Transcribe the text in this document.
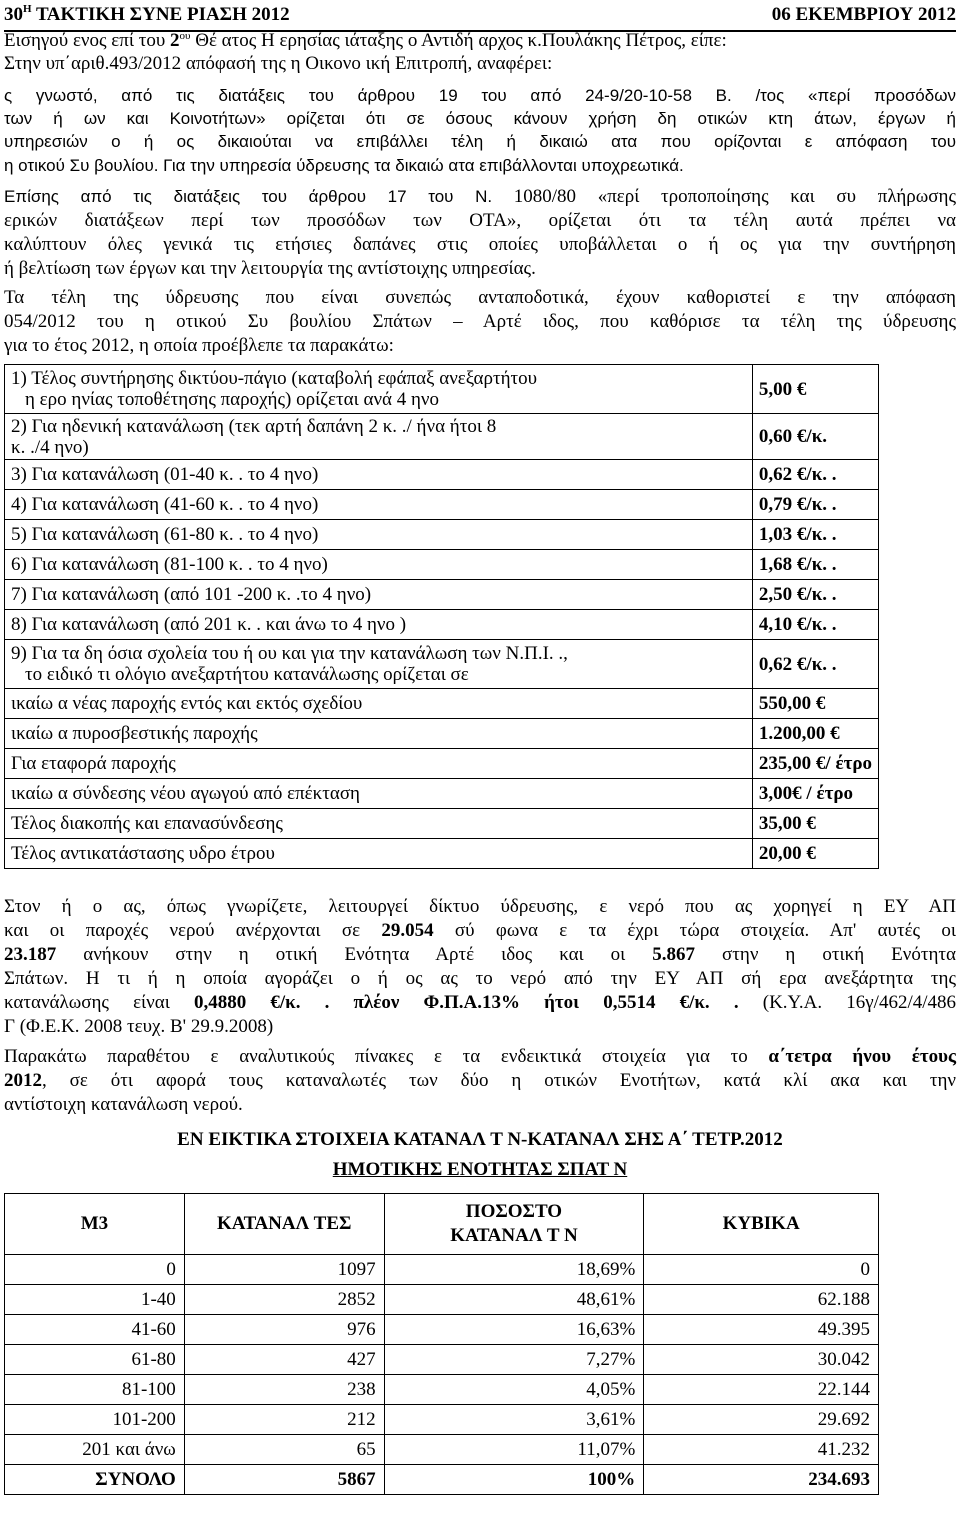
$30^H$ ΤΑΚΤΙΚΗ ΣΥΝΕ ΡΙΑΣΗ 2012	06 ΕΚΕΜΒΡΙΟΥ 2012
Εισηγού ενος επί του $2^{o\upsilon}$ Θέ ατος Η ερησίας ιάταξης ο Αντιδή αρχος κ.Πουλάκης Πέτρος, είπε:
Στην υπ΄αριθ.493/2012 απόφασή της η Οικονο ική Επιτροπή, αναφέρει:
ς γνωστό, από τις διατάξεις του άρθρου 19 του από 24-9/20-10-58 Β. /τος «περί προσόδων
των ή ων και Κοινοτήτων» ορίζεται ότι σε όσους κάνουν χρήση δη οτικών κτη άτων, έργων ή
υπηρεσιών ο ή ος δικαιούται να επιβάλλει τέλη ή δικαιώ ατα που ορίζονται ε απόφαση του
η οτικού Συ βουλίου. Για την υπηρεσία ύδρευσης τα δικαιώ ατα επιβάλλονται υποχρεωτικά.
Επίσης από τις διατάξεις του άρθρου 17 του Ν. 1080/80 «περί τροποποίησης και συ πλήρωσης
ερικών διατάξεων περί των προσόδων των ΟΤΑ», ορίζεται ότι τα τέλη αυτά πρέπει να
καλύπτουν όλες γενικά τις ετήσιες δαπάνες στις οποίες υποβάλλεται ο ή ος για την συντήρηση
ή βελτίωση των έργων και την λειτουργία της αντίστοιχης υπηρεσίας.
Τα τέλη της ύδρευσης που είναι συνεπώς ανταποδοτικά, έχουν καθοριστεί ε την απόφαση
054/2012 του η οτικού Συ βουλίου Σπάτων – Αρτέ ιδος, που καθόρισε τα τέλη της ύδρευσης
για το έτος 2012, η οποία προέβλεπε τα παρακάτω:
1) Τέλος συντήρησης δικτύου-πάγιο (καταβολή εφάπαξ ανεξαρτήτου
η ερο ηνίας τοποθέτησης παροχής) ορίζεται ανά 4 ηνο	5,00 €
2) Για ηδενική κατανάλωση (τεκ αρτή δαπάνη 2 κ. ./ ήνα ήτοι 8
κ. ./4 ηνο)	0,60 €/κ.
3) Για κατανάλωση (01-40 κ. . το 4 ηνο)	0,62 €/κ. .
4) Για κατανάλωση (41-60 κ. . το 4 ηνο)	0,79 €/κ. .
5) Για κατανάλωση (61-80 κ. . το 4 ηνο)	1,03 €/κ. .
6) Για κατανάλωση (81-100 κ. . το 4 ηνο)	1,68 €/κ. .
7) Για κατανάλωση (από 101 -200 κ. .το 4 ηνο)	2,50 €/κ. .
8) Για κατανάλωση (από 201 κ. . και άνω το 4 ηνο )	4,10 €/κ. .
9) Για τα δη όσια σχολεία του ή ου και για την κατανάλωση των Ν.Π.Ι. .,
το ειδικό τι ολόγιο ανεξαρτήτου κατανάλωσης ορίζεται σε	0,62 €/κ. .
ικαίω α νέας παροχής εντός και εκτός σχεδίου	550,00 €
ικαίω α πυροσβεστικής παροχής	1.200,00 €
Για εταφορά παροχής	235,00 €/ έτρο
ικαίω α σύνδεσης νέου αγωγού από επέκταση	3,00€ / έτρο
Τέλος διακοπής και επανασύνδεσης	35,00 €
Τέλος αντικατάστασης υδρο έτρου	20,00 €
Στον ή ο ας, όπως γνωρίζετε, λειτουργεί δίκτυο ύδρευσης, ε νερό που ας χορηγεί η ΕΥ ΑΠ
και οι παροχές νερού ανέρχονται σε 29.054 σύ φωνα ε τα έχρι τώρα στοιχεία. Απ' αυτές οι
23.187 ανήκουν στην η οτική Ενότητα Αρτέ ιδος και οι 5.867 στην η οτική Ενότητα
Σπάτων. Η τι ή η οποία αγοράζει ο ή ος ας το νερό από την ΕΥ ΑΠ σή ερα ανεξάρτητα της
κατανάλωσης είναι 0,4880 €/κ. . πλέον Φ.Π.Α.13% ήτοι 0,5514 €/κ. . (Κ.Υ.Α. 16γ/462/4/486
Γ (Φ.Ε.Κ. 2008 τευχ. Β' 29.9.2008)
Παρακάτω παραθέτου ε αναλυτικούς πίνακες ε τα ενδεικτικά στοιχεία για το α΄τετρα ήνου έτους
2012, σε ότι αφορά τους καταναλωτές των δύο η οτικών Ενοτήτων, κατά κλί ακα και την
αντίστοιχη κατανάλωση νερού.
ΕΝ ΕΙΚΤΙΚΑ ΣΤΟΙΧΕΙΑ ΚΑΤΑΝΑΛ Τ Ν-ΚΑΤΑΝΑΛ ΣΗΣ Α΄ ΤΕΤΡ.2012
ΗΜΟΤΙΚΗΣ ΕΝΟΤΗΤΑΣ ΣΠΑΤ Ν
Μ3	ΚΑΤΑΝΑΛ ΤΕΣ	ΠΟΣΟΣΤΟ
ΚΑΤΑΝΑΛ Τ Ν	ΚΥΒΙΚΑ
0	1097	18,69%	0
1-40	2852	48,61%	62.188
41-60	976	16,63%	49.395
61-80	427	7,27%	30.042
81-100	238	4,05%	22.144
101-200	212	3,61%	29.692
201 και άνω	65	11,07%	41.232
ΣΥΝΟΛΟ	5867	100%	234.693
